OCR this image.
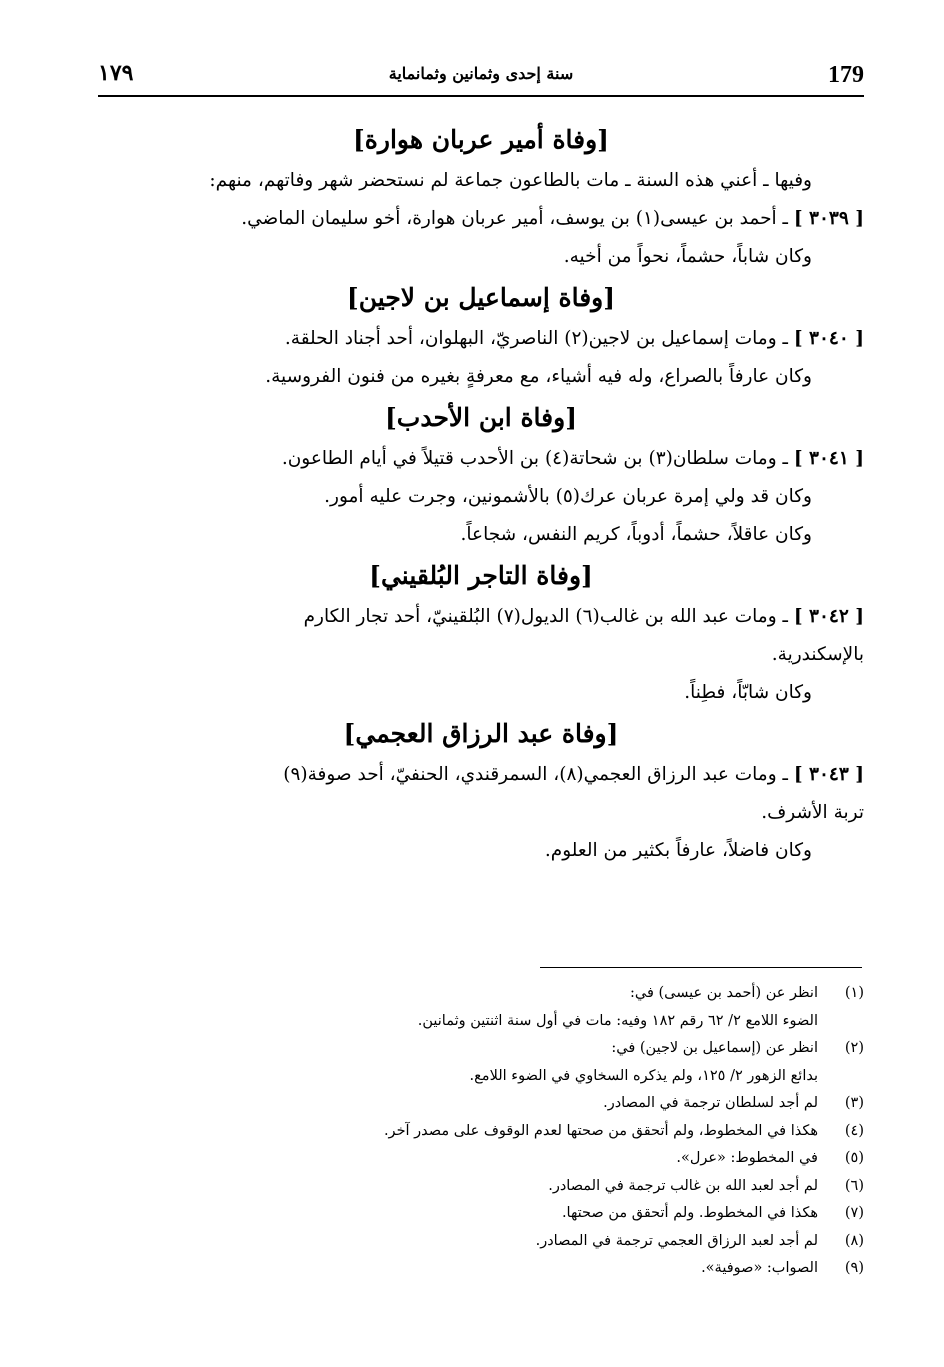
179
سنة إحدى وثمانين وثمانماية
١٧٩
[وفاة أمير عربان هوارة]

وفيها ـ أعني هذه السنة ـ مات بالطاعون جماعة لم نستحضر شهر وفاتهم، منهم:

[ ٣٠٣٩ ] ـ أحمد بن عيسى(١) بن يوسف، أمير عربان هوارة، أخو سليمان الماضي.

وكان شاباً، حشماً، نحواً من أخيه.

[وفاة إسماعيل بن لاجين]

[ ٣٠٤٠ ] ـ ومات إسماعيل بن لاجين(٢) الناصريّ، البهلوان، أحد أجناد الحلقة.

وكان عارفاً بالصراع، وله فيه أشياء، مع معرفةٍ بغيره من فنون الفروسية.

[وفاة ابن الأحدب]

[ ٣٠٤١ ] ـ ومات سلطان(٣) بن شحاتة(٤) بن الأحدب قتيلاً في أيام الطاعون.

وكان قد ولي إمرة عربان عرك(٥) بالأشمونين، وجرت عليه أمور.

وكان عاقلاً، حشماً، أدوباً، كريم النفس، شجاعاً.

[وفاة التاجر البُلقيني]

[ ٣٠٤٢ ] ـ ومات عبد الله بن غالب(٦) الديول(٧) البُلقينيّ، أحد تجار الكارم

بالإسكندرية.

وكان شابّاً، فطِناً.

[وفاة عبد الرزاق العجمي]

[ ٣٠٤٣ ] ـ ومات عبد الرزاق العجمي(٨)، السمرقندي، الحنفيّ، أحد صوفة(٩)

تربة الأشرف.

وكان فاضلاً، عارفاً بكثير من العلوم.

(١)انظر عن (أحمد بن عيسى) في:

الضوء اللامع ٢/ ٦٢ رقم ١٨٢ وفيه: مات في أول سنة اثنتين وثمانين.

(٢)انظر عن (إسماعيل بن لاجين) في:

بدائع الزهور ٢/ ١٢٥، ولم يذكره السخاوي في الضوء اللامع.

(٣)لم أجد لسلطان ترجمة في المصادر.

(٤)هكذا في المخطوط، ولم أتحقق من صحتها لعدم الوقوف على مصدر آخر.

(٥)في المخطوط: «عرل».

(٦)لم أجد لعبد الله بن غالب ترجمة في المصادر.

(٧)هكذا في المخطوط. ولم أتحقق من صحتها.

(٨)لم أجد لعبد الرزاق العجمي ترجمة في المصادر.

(٩)الصواب: «صوفية».
